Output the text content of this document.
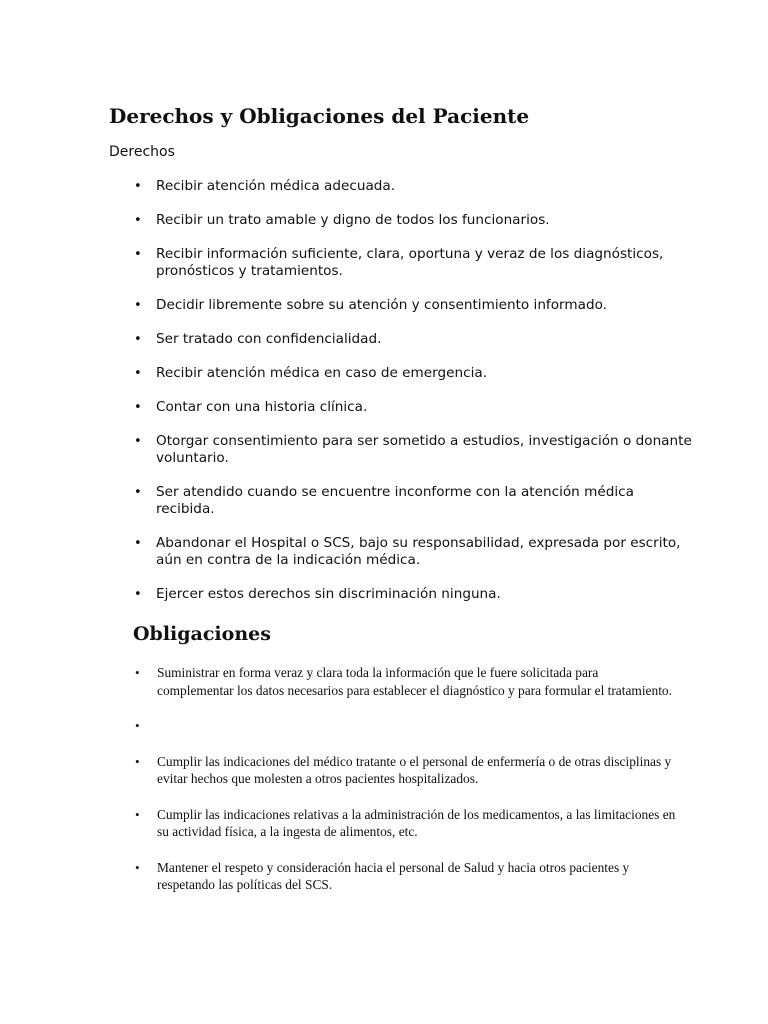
Derechos y Obligaciones del Paciente

Derechos

• Recibir atención médica adecuada.
• Recibir un trato amable y digno de todos los funcionarios.
• Recibir información suficiente, clara, oportuna y veraz de los diagnósticos, pronósticos y tratamientos.
• Decidir libremente sobre su atención y consentimiento informado.
• Ser tratado con confidencialidad.
• Recibir atención médica en caso de emergencia.
• Contar con una historia clínica.
• Otorgar consentimiento para ser sometido a estudios, investigación o donante voluntario.
• Ser atendido cuando se encuentre inconforme con la atención médica recibida.
• Abandonar el Hospital o SCS, bajo su responsabilidad, expresada por escrito, aún en contra de la indicación médica.
• Ejercer estos derechos sin discriminación ninguna.
Obligaciones
• Suministrar en forma veraz y clara toda la información que le fuere solicitada para complementar los datos necesarios para establecer el diagnóstico y para formular el tratamiento.
•
• Cumplir las indicaciones del médico tratante o el personal de enfermería o de otras disciplinas y evitar hechos que molesten a otros pacientes hospitalizados.
• Cumplir las indicaciones relativas a la administración de los medicamentos, a las limitaciones en su actividad física, a la ingesta de alimentos, etc.
• Mantener el respeto y consideración hacia el personal de Salud y hacia otros pacientes y respetando las políticas del SCS.
